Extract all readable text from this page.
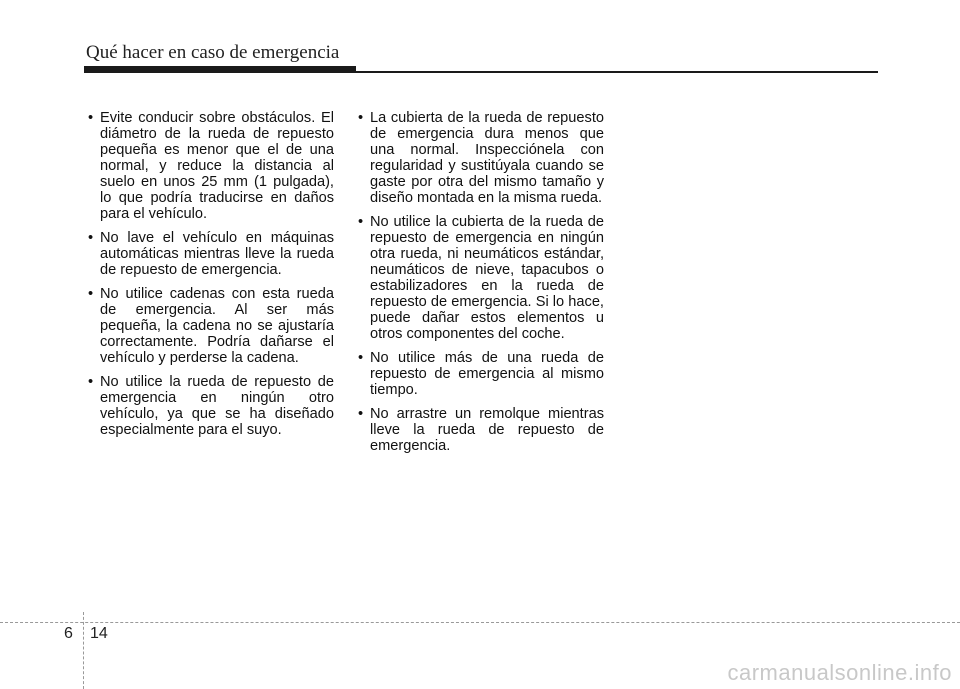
Qué hacer en caso de emergencia
• Evite conducir sobre obstáculos. El diámetro de la rueda de repuesto pequeña es menor que el de una normal, y reduce la distancia al suelo en unos 25 mm (1 pulgada), lo que podría traducirse en daños para el vehículo.
• No lave el vehículo en máquinas automáticas mientras lleve la rueda de repuesto de emergencia.
• No utilice cadenas con esta rueda de emergencia. Al ser más pequeña, la cadena no se ajustaría correctamente. Podría dañarse el vehículo y perderse la cadena.
• No utilice la rueda de repuesto de emergencia en ningún otro vehículo, ya que se ha diseñado especialmente para el suyo.
• La cubierta de la rueda de repuesto de emergencia dura menos que una normal. Inspecciónela con regularidad y sustitúyala cuando se gaste por otra del mismo tamaño y diseño montada en la misma rueda.
• No utilice la cubierta de la rueda de repuesto de emergencia en ningún otra rueda, ni neumáticos estándar, neumáticos de nieve, tapacubos o estabilizadores en la rueda de repuesto de emergencia. Si lo hace, puede dañar estos elementos u otros componentes del coche.
• No utilice más de una rueda de repuesto de emergencia al mismo tiempo.
• No arrastre un remolque mientras lleve la rueda de repuesto de emergencia.
6 14
carmanualsonline.info
